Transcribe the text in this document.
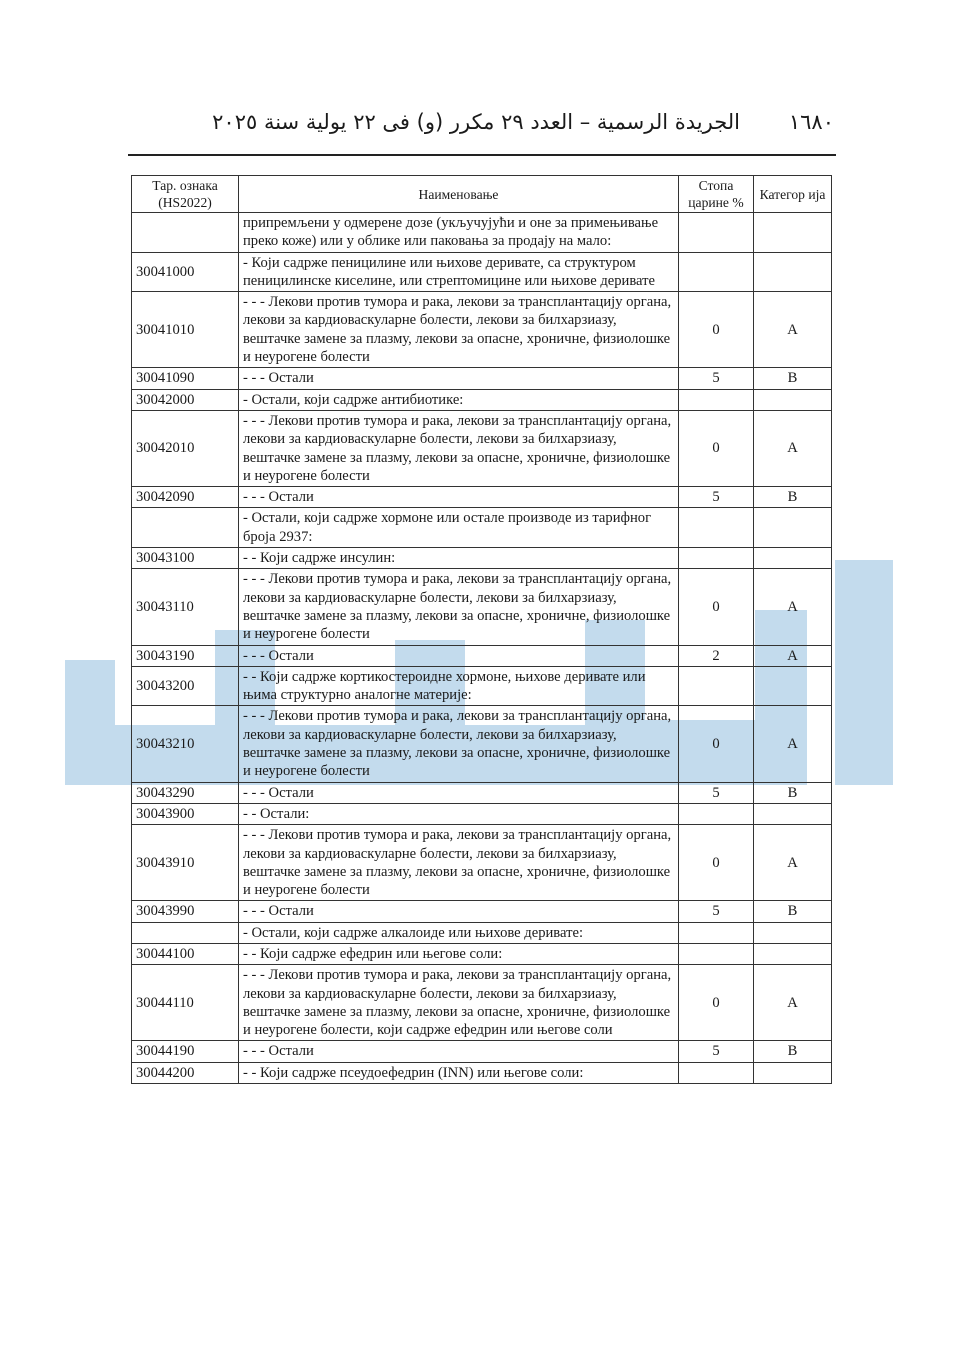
الجريدة الرسمية – العدد ٢٩ مكرر (و) فى ٢٢ يولية سنة ٢٠٢٥ ١٦٨٠
Тар. ознака (HS2022)	Наименовање	Стопа царине %	Категор ија
	припремљени у одмерене дозе (укључујући и оне за примењивање преко коже) или у облике или паковања за продају на мало:		
30041000	- Који садрже пеницилине или њихове деривате, са структуром пеницилинске киселине, или стрептомицине или њихове деривате		
30041010	- - - Лекови против тумора и рака, лекови за трансплантацију органа, лекови за кардиоваскуларне болести, лекови за билхарзиазу, вештачке замене за плазму, лекови за опасне, хроничне, физиолошке и неурогене болести	0	A
30041090	- - - Остали	5	B
30042000	- Остали, који садрже антибиотике:		
30042010	- - - Лекови против тумора и рака, лекови за трансплантацију органа, лекови за кардиоваскуларне болести, лекови за билхарзиазу, вештачке замене за плазму, лекови за опасне, хроничне, физиолошке и неурогене болести	0	A
30042090	- - - Остали	5	B
	- Остали, који садрже хормоне или остале производе из тарифног броја 2937:		
30043100	- - Који садрже инсулин:		
30043110	- - - Лекови против тумора и рака, лекови за трансплантацију органа, лекови за кардиоваскуларне болести, лекови за билхарзиазу, вештачке замене за плазму, лекови за опасне, хроничне, физиолошке и неурогене болести	0	A
30043190	- - - Остали	2	A
30043200	- - Који садрже кортикостероидне хормоне, њихове деривате или њима структурно аналогне материје:		
30043210	- - - Лекови против тумора и рака, лекови за трансплантацију органа, лекови за кардиоваскуларне болести, лекови за билхарзиазу, вештачке замене за плазму, лекови за опасне, хроничне, физиолошке и неурогене болести	0	A
30043290	- - - Остали	5	B
30043900	- - Остали:		
30043910	- - - Лекови против тумора и рака, лекови за трансплантацију органа, лекови за кардиоваскуларне болести, лекови за билхарзиазу, вештачке замене за плазму, лекови за опасне, хроничне, физиолошке и неурогене болести	0	A
30043990	- - - Остали	5	B
	- Остали, који садрже алкалоиде или њихове деривате:		
30044100	- - Који садрже ефедрин или његове соли:		
30044110	- - - Лекови против тумора и рака, лекови за трансплантацију органа, лекови за кардиоваскуларне болести, лекови за билхарзиазу, вештачке замене за плазму, лекови за опасне, хроничне, физиолошке и неурогене болести, који садрже ефедрин или његове соли	0	A
30044190	- - - Остали	5	B
30044200	- - Који садрже псеудоефедрин (INN) или његове соли:		
